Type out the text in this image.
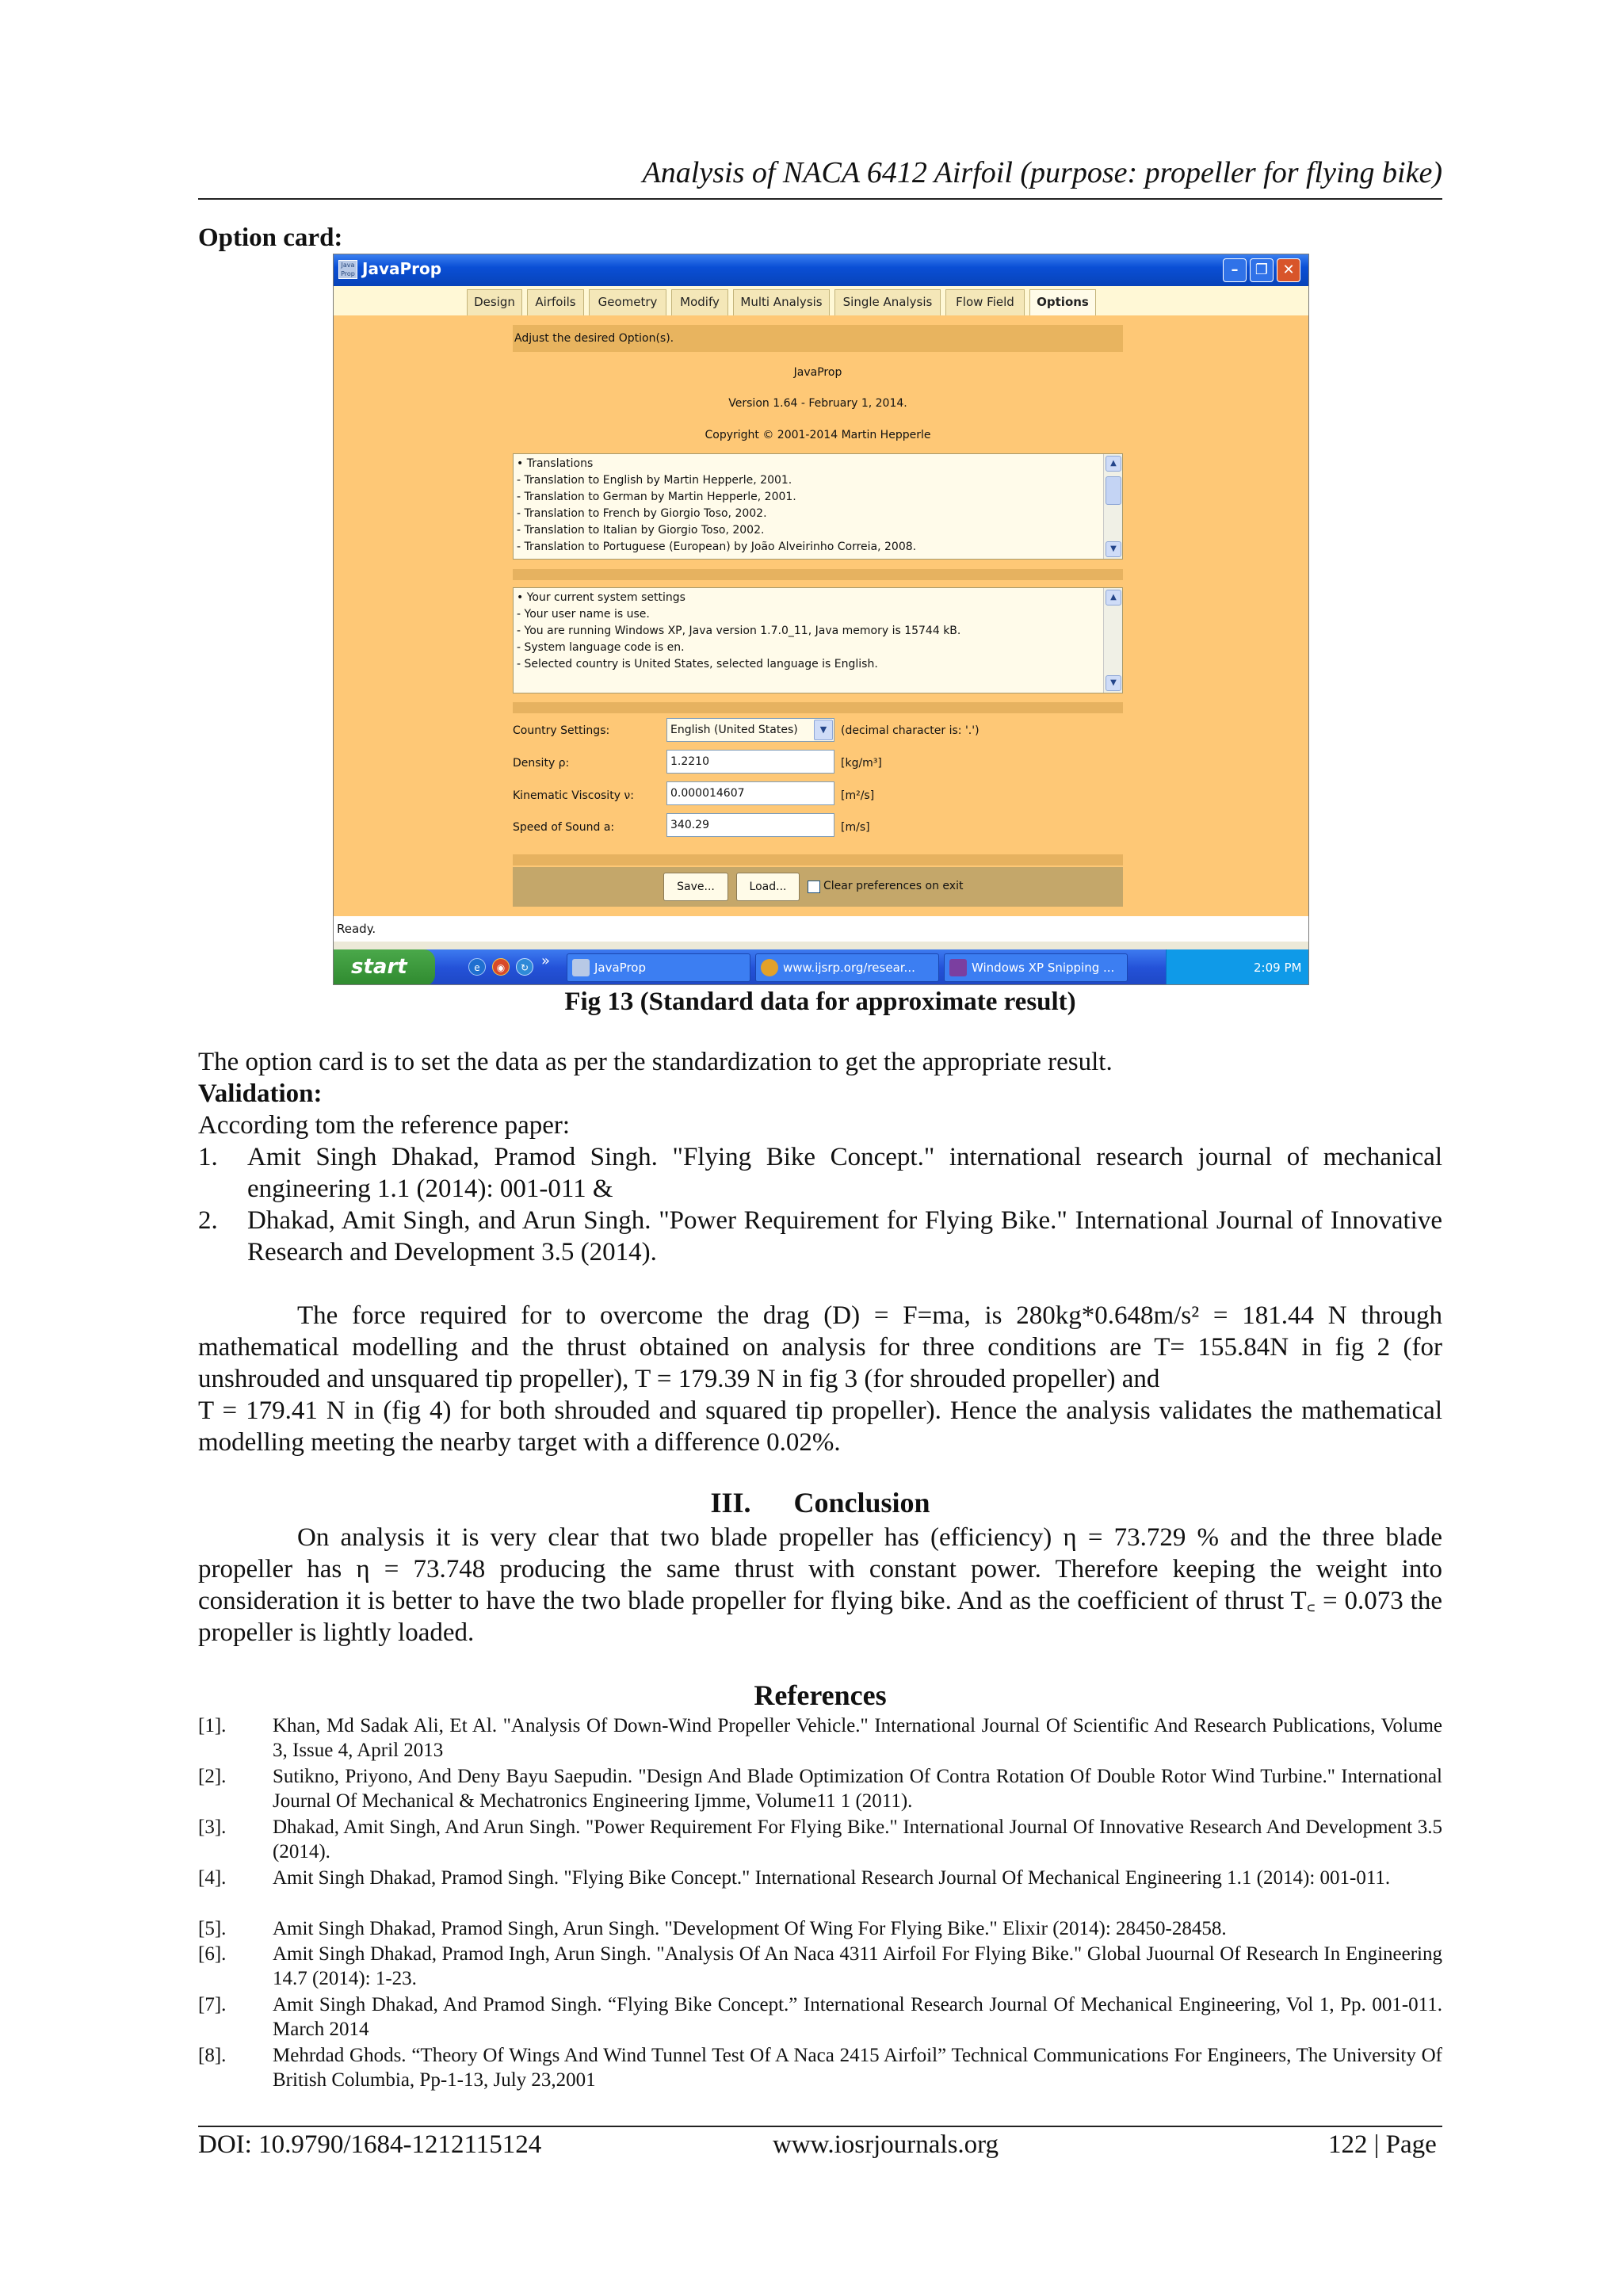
Analysis of NACA 6412 Airfoil (purpose: propeller for flying bike)
Option card:
Java Prop JavaProp	–	❐	✕
Design	Airfoils	Geometry	Modify	Multi Analysis	Single Analysis	Flow Field	Options
Adjust the desired Option(s).
JavaProp
Version 1.64 - February 1, 2014.
Copyright © 2001-2014 Martin Hepperle
• Translations
- Translation to English by Martin Hepperle, 2001.
- Translation to German by Martin Hepperle, 2001.
- Translation to French by Giorgio Toso, 2002.
- Translation to Italian by Giorgio Toso, 2002.
- Translation to Portuguese (European) by João Alveirinho Correia, 2008.
▲
▼
• Your current system settings
- Your user name is use.
- You are running Windows XP, Java version 1.7.0_11, Java memory is 15744 kB.
- System language code is en.
- Selected country is United States, selected language is English.
▲
▼
Country Settings:	English (United States)	▼	(decimal character is: '.')
Density ρ:	1.2210	[kg/m³]
Kinematic Viscosity ν:	0.000014607	[m²/s]
Speed of Sound a:	340.29	[m/s]
Save...	Load...	Clear preferences on exit
Ready.
start	e	◉	↻ »	JavaProp	www.ijsrp.org/resear...	Windows XP Snipping ...	2:09 PM
Fig 13 (Standard data for approximate result)
The option card is to set the data as per the standardization to get the appropriate result.
Validation:
According tom the reference paper:
1. Amit Singh Dhakad, Pramod Singh. "Flying Bike Concept." international research journal of mechanical engineering 1.1 (2014): 001-011 &
2. Dhakad, Amit Singh, and Arun Singh. "Power Requirement for Flying Bike." International Journal of Innovative Research and Development 3.5 (2014).
The force required for to overcome the drag (D) = F=ma, is 280kg*0.648m/s² = 181.44 N through mathematical modelling and the thrust obtained on analysis for three conditions are T= 155.84N in fig 2 (for unshrouded and unsquared tip propeller), T = 179.39 N in fig 3 (for shrouded propeller) and
T = 179.41 N in (fig 4) for both shrouded and squared tip propeller). Hence the analysis validates the mathematical modelling meeting the nearby target with a difference 0.02%.
III.      Conclusion
On analysis it is very clear that two blade propeller has (efficiency) η = 73.729 % and the three blade propeller has η = 73.748 producing the same thrust with constant power. Therefore keeping the weight into consideration it is better to have the two blade propeller for flying bike. And as the coefficient of thrust T꜀ = 0.073 the propeller is lightly loaded.
References
[1]. Khan, Md Sadak Ali, Et Al. "Analysis Of Down-Wind Propeller Vehicle." International Journal Of Scientific And Research Publications, Volume 3, Issue 4, April 2013
[2]. Sutikno, Priyono, And Deny Bayu Saepudin. "Design And Blade Optimization Of Contra Rotation Of Double Rotor Wind Turbine." International Journal Of Mechanical & Mechatronics Engineering Ijmme, Volume11 1 (2011).
[3]. Dhakad, Amit Singh, And Arun Singh. "Power Requirement For Flying Bike." International Journal Of Innovative Research And Development 3.5 (2014).
[4]. Amit Singh Dhakad, Pramod Singh. "Flying Bike Concept." International Research Journal Of Mechanical Engineering 1.1 (2014): 001-011.
[5]. Amit Singh Dhakad, Pramod Singh, Arun Singh. "Development Of Wing For Flying Bike." Elixir (2014): 28450-28458.
[6]. Amit Singh Dhakad, Pramod Ingh, Arun Singh. "Analysis Of An Naca 4311 Airfoil For Flying Bike." Global Juournal Of Research In Engineering 14.7 (2014): 1-23.
[7]. Amit Singh Dhakad, And Pramod Singh. “Flying Bike Concept.” International Research Journal Of Mechanical Engineering, Vol 1, Pp. 001-011. March 2014
[8]. Mehrdad Ghods. “Theory Of Wings And Wind Tunnel Test Of A Naca 2415 Airfoil” Technical Communications For Engineers, The University Of British Columbia, Pp-1-13, July 23,2001
DOI: 10.9790/1684-1212115124	www.iosrjournals.org	122 | Page
